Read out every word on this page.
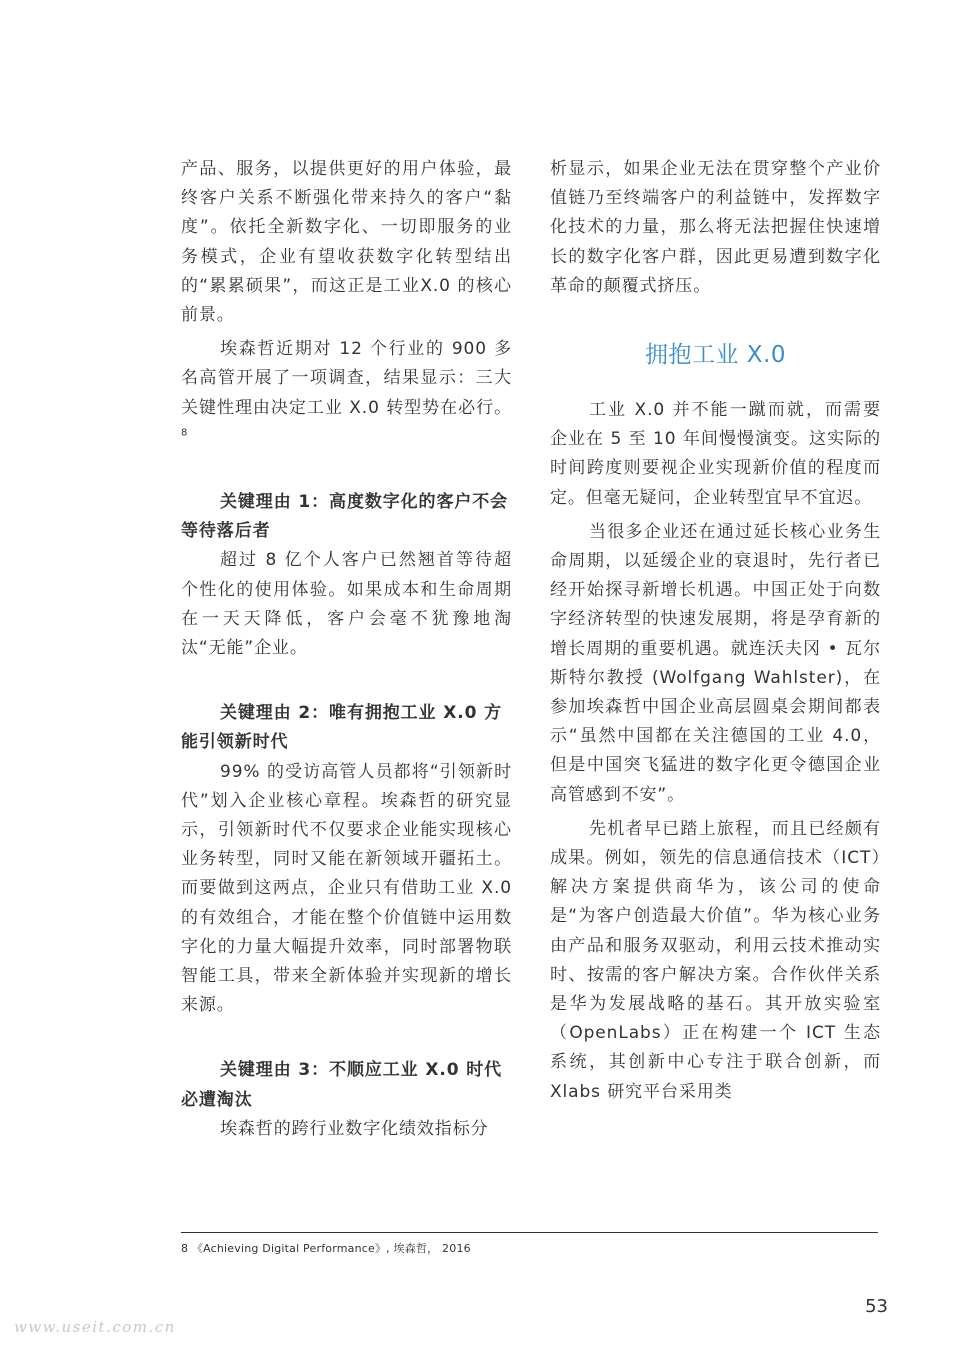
产品、服务，以提供更好的用户体验，最终客户关系不断强化带来持久的客户“黏度”。依托全新数字化、一切即服务的业务模式，企业有望收获数字化转型结出的“累累硕果”，而这正是工业X.0 的核心前景。

埃森哲近期对 12 个行业的 900 多名高管开展了一项调查，结果显示：三大关键性理由决定工业 X.0 转型势在必行。$^8$

关键理由 1：高度数字化的客户不会等待落后者

超过 8 亿个人客户已然翘首等待超个性化的使用体验。如果成本和生命周期在一天天降低，客户会毫不犹豫地淘汰“无能”企业。

关键理由 2：唯有拥抱工业 X.0 方能引领新时代

99% 的受访高管人员都将“引领新时代”划入企业核心章程。埃森哲的研究显示，引领新时代不仅要求企业能实现核心业务转型，同时又能在新领域开疆拓土。而要做到这两点，企业只有借助工业 X.0 的有效组合，才能在整个价值链中运用数字化的力量大幅提升效率，同时部署物联智能工具，带来全新体验并实现新的增长来源。

关键理由 3：不顺应工业 X.0 时代必遭淘汰

埃森哲的跨行业数字化绩效指标分

析显示，如果企业无法在贯穿整个产业价值链乃至终端客户的利益链中，发挥数字化技术的力量，那么将无法把握住快速增长的数字化客户群，因此更易遭到数字化革命的颠覆式挤压。

拥抱工业 X.0

工业 X.0 并不能一蹴而就，而需要企业在 5 至 10 年间慢慢演变。这实际的时间跨度则要视企业实现新价值的程度而定。但毫无疑问，企业转型宜早不宜迟。

当很多企业还在通过延长核心业务生命周期，以延缓企业的衰退时，先行者已经开始探寻新增长机遇。中国正处于向数字经济转型的快速发展期，将是孕育新的增长周期的重要机遇。就连沃夫冈 • 瓦尔斯特尔教授 (Wolfgang Wahlster)，在参加埃森哲中国企业高层圆桌会期间都表示“虽然中国都在关注德国的工业 4.0，但是中国突飞猛进的数字化更令德国企业高管感到不安”。

先机者早已踏上旅程，而且已经颇有成果。例如，领先的信息通信技术（ICT）解决方案提供商华为，该公司的使命是“为客户创造最大价值”。华为核心业务由产品和服务双驱动，利用云技术推动实时、按需的客户解决方案。合作伙伴关系是华为发展战略的基石。其开放实验室（OpenLabs）正在构建一个 ICT 生态系统，其创新中心专注于联合创新，而 Xlabs 研究平台采用类

8 《Achieving Digital Performance》, 埃森哲， 2016
53
www.useit.com.cn
